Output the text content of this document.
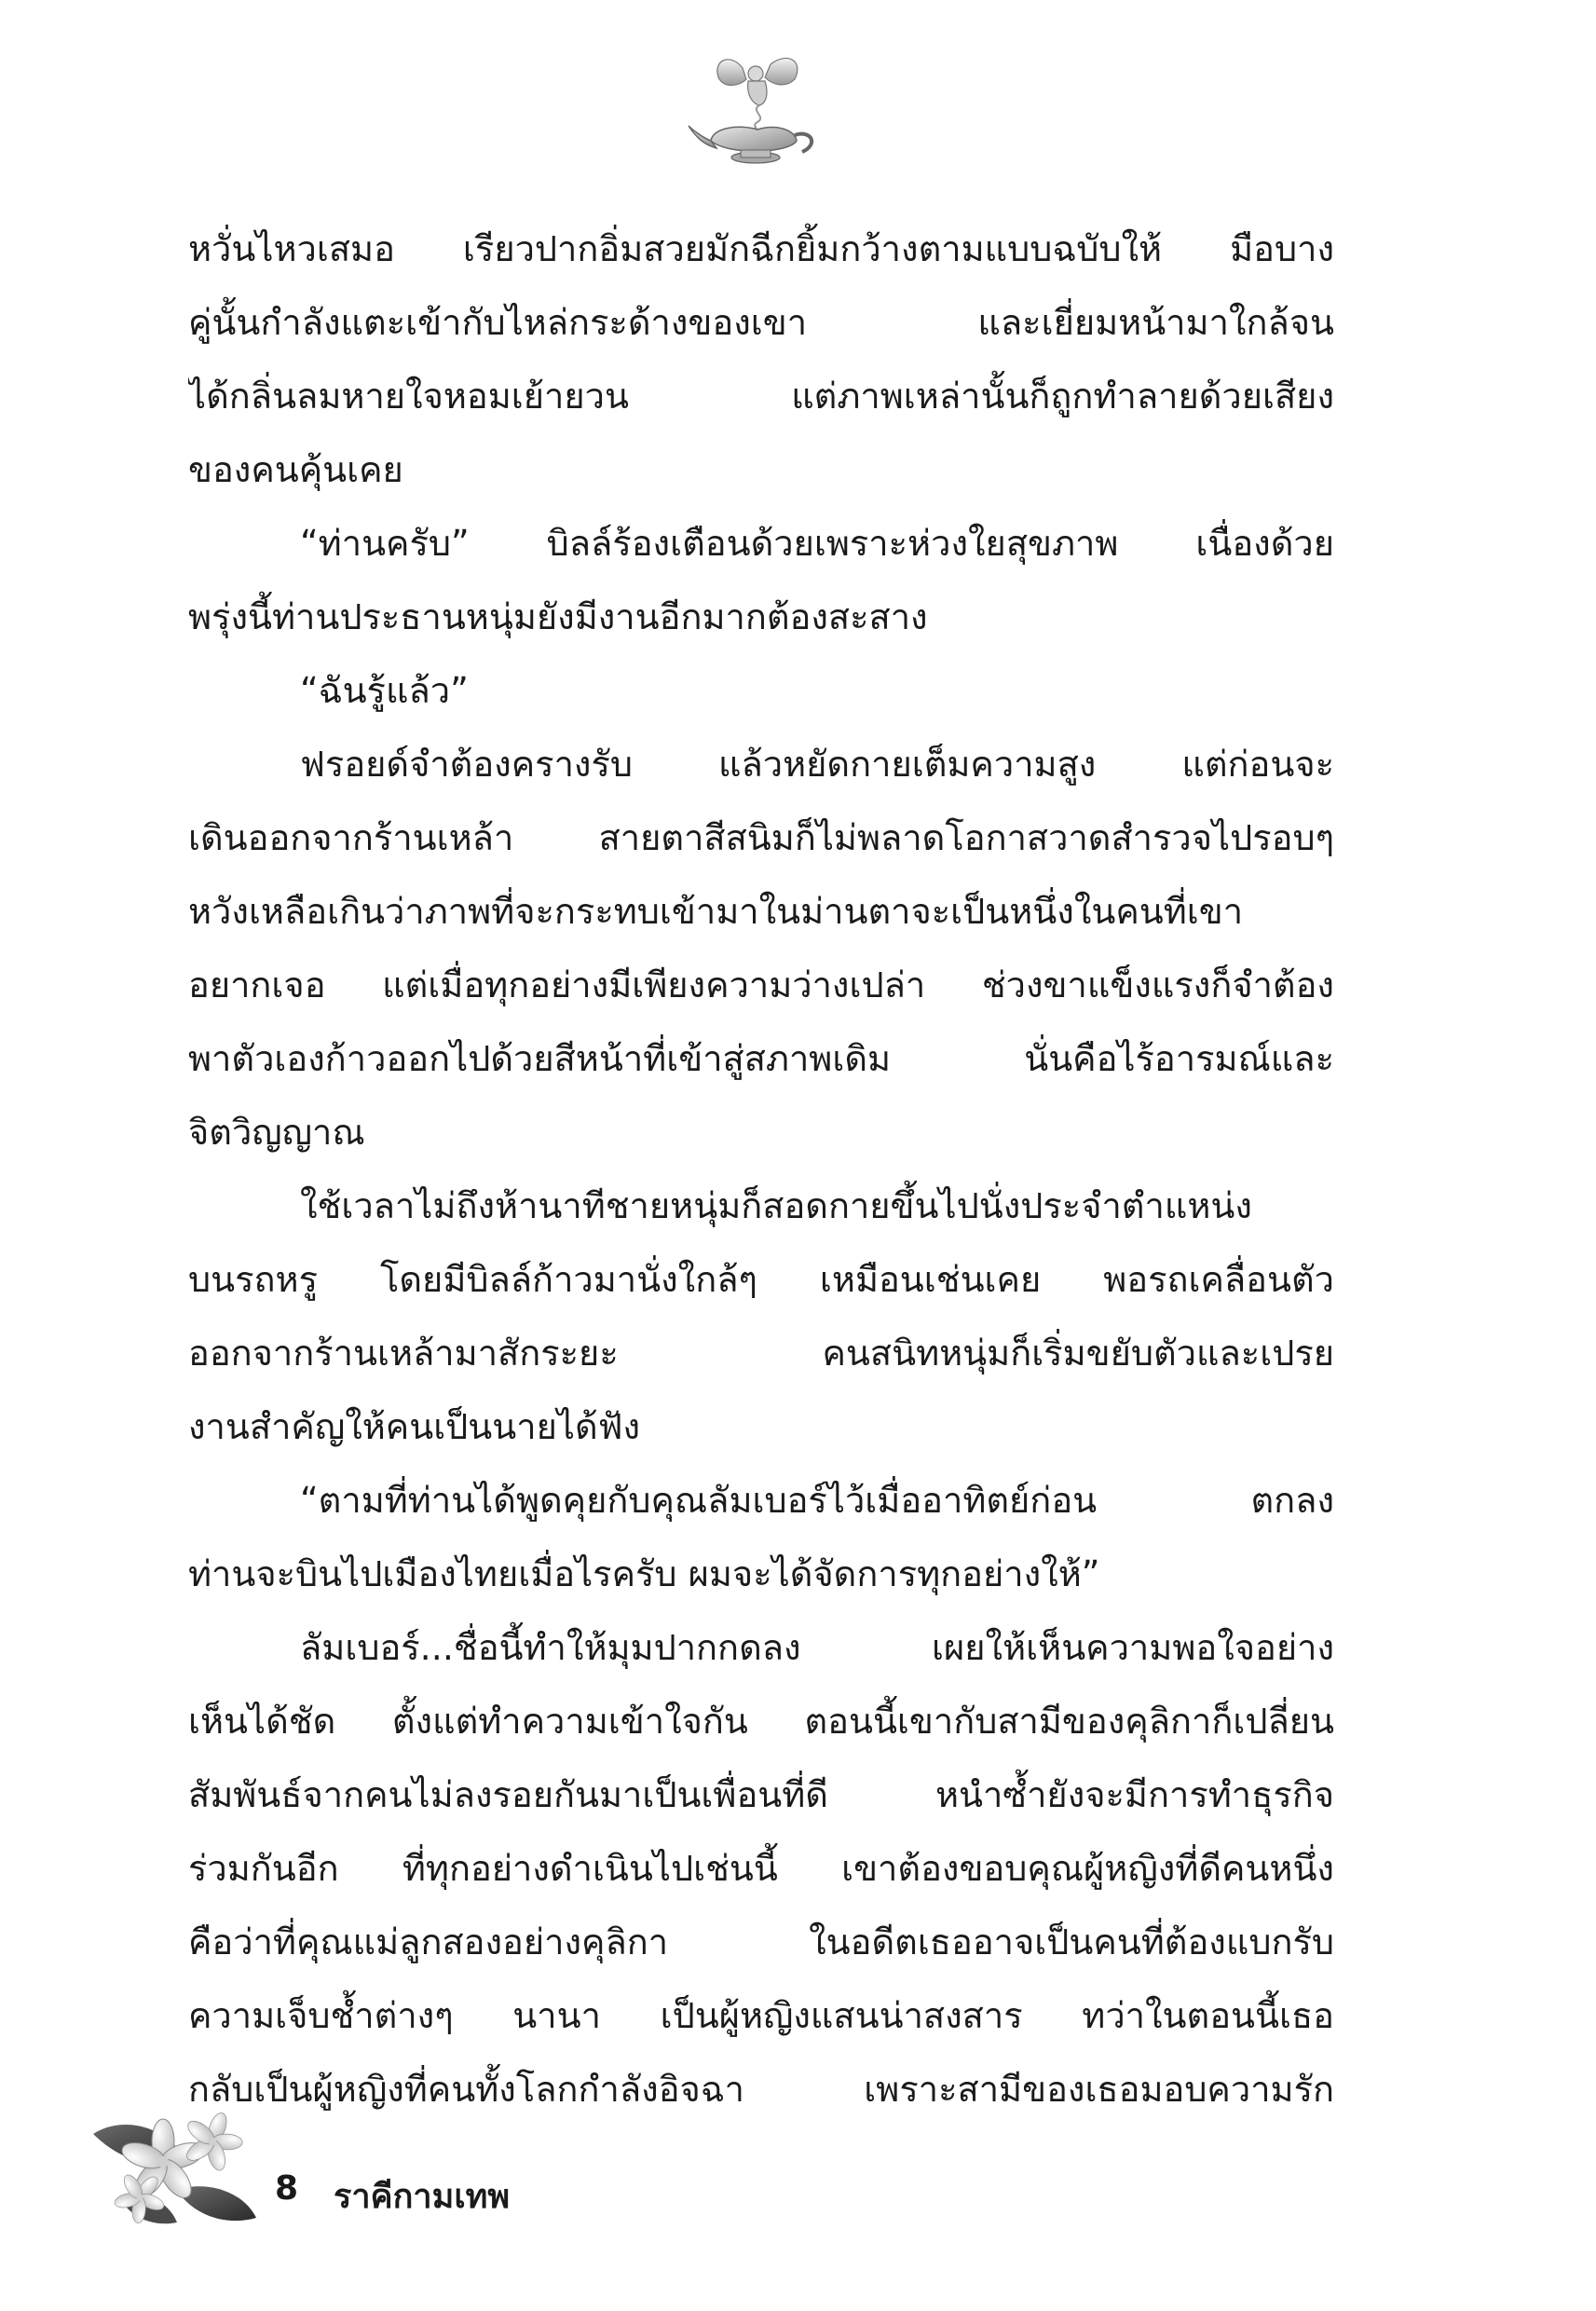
หวั่นไหวเสมอ เรียวปากอิ่มสวยมักฉีกยิ้มกว้างตามแบบฉบับให้ มือบาง
คู่นั้นกำลังแตะเข้ากับไหล่กระด้างของเขา และเยี่ยมหน้ามาใกล้จน
ได้กลิ่นลมหายใจหอมเย้ายวน แต่ภาพเหล่านั้นก็ถูกทำลายด้วยเสียง
ของคนคุ้นเคย
“ท่านครับ” บิลล์ร้องเตือนด้วยเพราะห่วงใยสุขภาพ เนื่องด้วย
พรุ่งนี้ท่านประธานหนุ่มยังมีงานอีกมากต้องสะสาง
“ฉันรู้แล้ว”
ฟรอยด์จำต้องครางรับ แล้วหยัดกายเต็มความสูง แต่ก่อนจะ
เดินออกจากร้านเหล้า สายตาสีสนิมก็ไม่พลาดโอกาสวาดสำรวจไปรอบๆ
หวังเหลือเกินว่าภาพที่จะกระทบเข้ามาในม่านตาจะเป็นหนึ่งในคนที่เขา
อยากเจอ แต่เมื่อทุกอย่างมีเพียงความว่างเปล่า ช่วงขาแข็งแรงก็จำต้อง
พาตัวเองก้าวออกไปด้วยสีหน้าที่เข้าสู่สภาพเดิม นั่นคือไร้อารมณ์และ
จิตวิญญาณ
ใช้เวลาไม่ถึงห้านาทีชายหนุ่มก็สอดกายขึ้นไปนั่งประจำตำแหน่ง
บนรถหรู โดยมีบิลล์ก้าวมานั่งใกล้ๆ เหมือนเช่นเคย พอรถเคลื่อนตัว
ออกจากร้านเหล้ามาสักระยะ คนสนิทหนุ่มก็เริ่มขยับตัวและเปรย
งานสำคัญให้คนเป็นนายได้ฟัง
“ตามที่ท่านได้พูดคุยกับคุณลัมเบอร์ไว้เมื่ออาทิตย์ก่อน ตกลง
ท่านจะบินไปเมืองไทยเมื่อไรครับ ผมจะได้จัดการทุกอย่างให้”
ลัมเบอร์...ชื่อนี้ทำให้มุมปากกดลง เผยให้เห็นความพอใจอย่าง
เห็นได้ชัด ตั้งแต่ทำความเข้าใจกัน ตอนนี้เขากับสามีของคุลิกาก็เปลี่ยน
สัมพันธ์จากคนไม่ลงรอยกันมาเป็นเพื่อนที่ดี หนำซ้ำยังจะมีการทำธุรกิจ
ร่วมกันอีก ที่ทุกอย่างดำเนินไปเช่นนี้ เขาต้องขอบคุณผู้หญิงที่ดีคนหนึ่ง
คือว่าที่คุณแม่ลูกสองอย่างคุลิกา ในอดีตเธออาจเป็นคนที่ต้องแบกรับ
ความเจ็บช้ำต่างๆ นานา เป็นผู้หญิงแสนน่าสงสาร ทว่าในตอนนี้เธอ
กลับเป็นผู้หญิงที่คนทั้งโลกกำลังอิจฉา เพราะสามีของเธอมอบความรัก
8 ราคีกามเทพ
